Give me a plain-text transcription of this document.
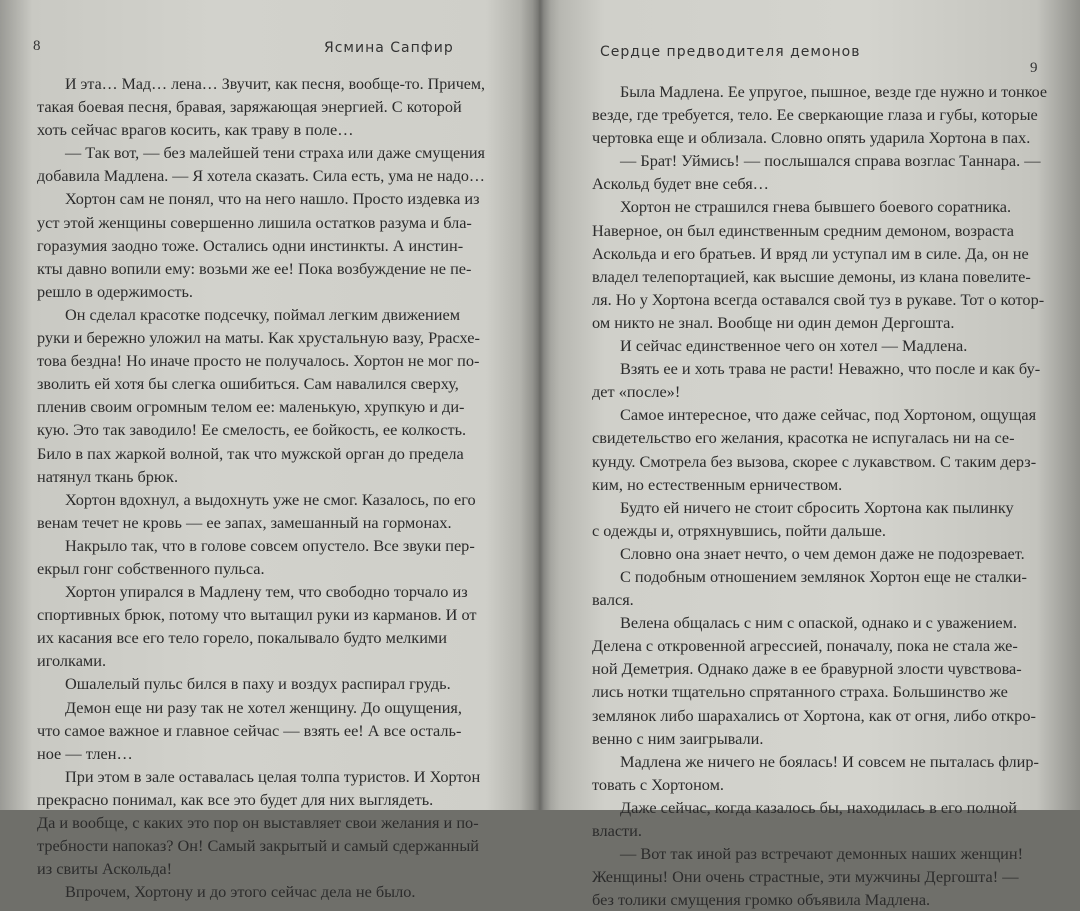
8	Ясмина Сапфир
И эта… Мад… лена… Звучит, как песня, вообще-то. Причем,
такая боевая песня, бравая, заряжающая энергией. С которой
хоть сейчас врагов косить, как траву в поле…
— Так вот, — без малейшей тени страха или даже смущения
добавила Мадлена. — Я хотела сказать. Сила есть, ума не надо…
Хортон сам не понял, что на него нашло. Просто издевка из
уст этой женщины совершенно лишила остатков разума и бла-
горазумия заодно тоже. Остались одни инстинкты. А инстин-
кты давно вопили ему: возьми же ее! Пока возбуждение не пе-
решло в одержимость.
Он сделал красотке подсечку, поймал легким движением
руки и бережно уложил на маты. Как хрустальную вазу, Ррасхе-
това бездна! Но иначе просто не получалось. Хортон не мог по-
зволить ей хотя бы слегка ошибиться. Сам навалился сверху,
пленив своим огромным телом ее: маленькую, хрупкую и ди-
кую. Это так заводило! Ее смелость, ее бойкость, ее колкость.
Било в пах жаркой волной, так что мужской орган до предела
натянул ткань брюк.
Хортон вдохнул, а выдохнуть уже не смог. Казалось, по его
венам течет не кровь — ее запах, замешанный на гормонах.
Накрыло так, что в голове совсем опустело. Все звуки пер-
екрыл гонг собственного пульса.
Хортон упирался в Мадлену тем, что свободно торчало из
спортивных брюк, потому что вытащил руки из карманов. И от
их касания все его тело горело, покалывало будто мелкими
иголками.
Ошалелый пульс бился в паху и воздух распирал грудь.
Демон еще ни разу так не хотел женщину. До ощущения,
что самое важное и главное сейчас — взять ее! А все осталь-
ное — тлен…
При этом в зале оставалась целая толпа туристов. И Хортон
прекрасно понимал, как все это будет для них выглядеть.
Да и вообще, с каких это пор он выставляет свои желания и по-
требности напоказ? Он! Самый закрытый и самый сдержанный
из свиты Аскольда!
Впрочем, Хортону и до этого сейчас дела не было.
Сердце предводителя демонов
9
Была Мадлена. Ее упругое, пышное, везде где нужно и тонкое
везде, где требуется, тело. Ее сверкающие глаза и губы, которые
чертовка еще и облизала. Словно опять ударила Хортона в пах.
— Брат! Уймись! — послышался справа возглас Таннара. —
Аскольд будет вне себя…
Хортон не страшился гнева бывшего боевого соратника.
Наверное, он был единственным средним демоном, возраста
Аскольда и его братьев. И вряд ли уступал им в силе. Да, он не
владел телепортацией, как высшие демоны, из клана повелите-
ля. Но у Хортона всегда оставался свой туз в рукаве. Тот о котор-
ом никто не знал. Вообще ни один демон Дергошта.
И сейчас единственное чего он хотел — Мадлена.
Взять ее и хоть трава не расти! Неважно, что после и как бу-
дет «после»!
Самое интересное, что даже сейчас, под Хортоном, ощущая
свидетельство его желания, красотка не испугалась ни на се-
кунду. Смотрела без вызова, скорее с лукавством. С таким дерз-
ким, но естественным ерничеством.
Будто ей ничего не стоит сбросить Хортона как пылинку
с одежды и, отряхнувшись, пойти дальше.
Словно она знает нечто, о чем демон даже не подозревает.
С подобным отношением землянок Хортон еще не сталки-
вался.
Велена общалась с ним с опаской, однако и с уважением.
Делена с откровенной агрессией, поначалу, пока не стала же-
ной Деметрия. Однако даже в ее бравурной злости чувствова-
лись нотки тщательно спрятанного страха. Большинство же
землянок либо шарахались от Хортона, как от огня, либо откро-
венно с ним заигрывали.
Мадлена же ничего не боялась! И совсем не пыталась флир-
товать с Хортоном.
Даже сейчас, когда казалось бы, находилась в его полной
власти.
— Вот так иной раз встречают демонных наших женщин!
Женщины! Они очень страстные, эти мужчины Дергошта! —
без толики смущения громко объявила Мадлена.
